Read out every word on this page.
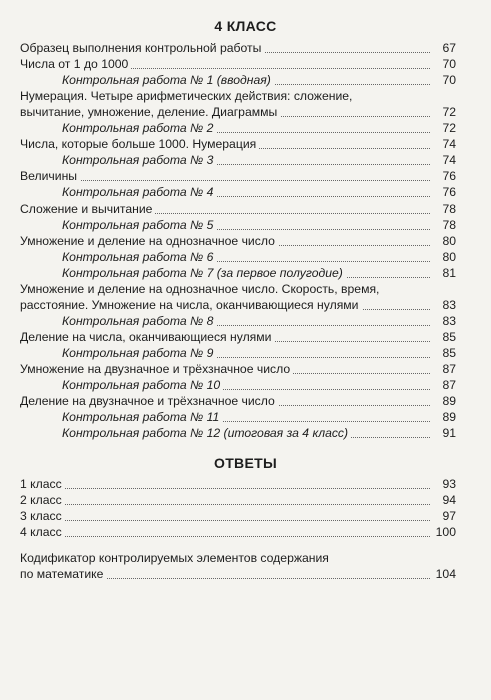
4 КЛАСС
Образец выполнения контрольной работы	67
Числа от 1 до 1000	70
Контрольная работа № 1 (вводная)	70
Нумерация. Четыре арифметических действия: сложение,
вычитание, умножение, деление. Диаграммы	72
Контрольная работа № 2	72
Числа, которые больше 1000. Нумерация	74
Контрольная работа № 3	74
Величины	76
Контрольная работа № 4	76
Сложение и вычитание	78
Контрольная работа № 5	78
Умножение и деление на однозначное число	80
Контрольная работа № 6	80
Контрольная работа № 7 (за первое полугодие)	81
Умножение и деление на однозначное число. Скорость, время,
расстояние. Умножение на числа, оканчивающиеся нулями	83
Контрольная работа № 8	83
Деление на числа, оканчивающиеся нулями	85
Контрольная работа № 9	85
Умножение на двузначное и трёхзначное число	87
Контрольная работа № 10	87
Деление на двузначное и трёхзначное число	89
Контрольная работа № 11	89
Контрольная работа № 12 (итоговая за 4 класс)	91
ОТВЕТЫ
1 класс	93
2 класс	94
3 класс	97
4 класс	100
Кодификатор контролируемых элементов содержания
по математике	104
